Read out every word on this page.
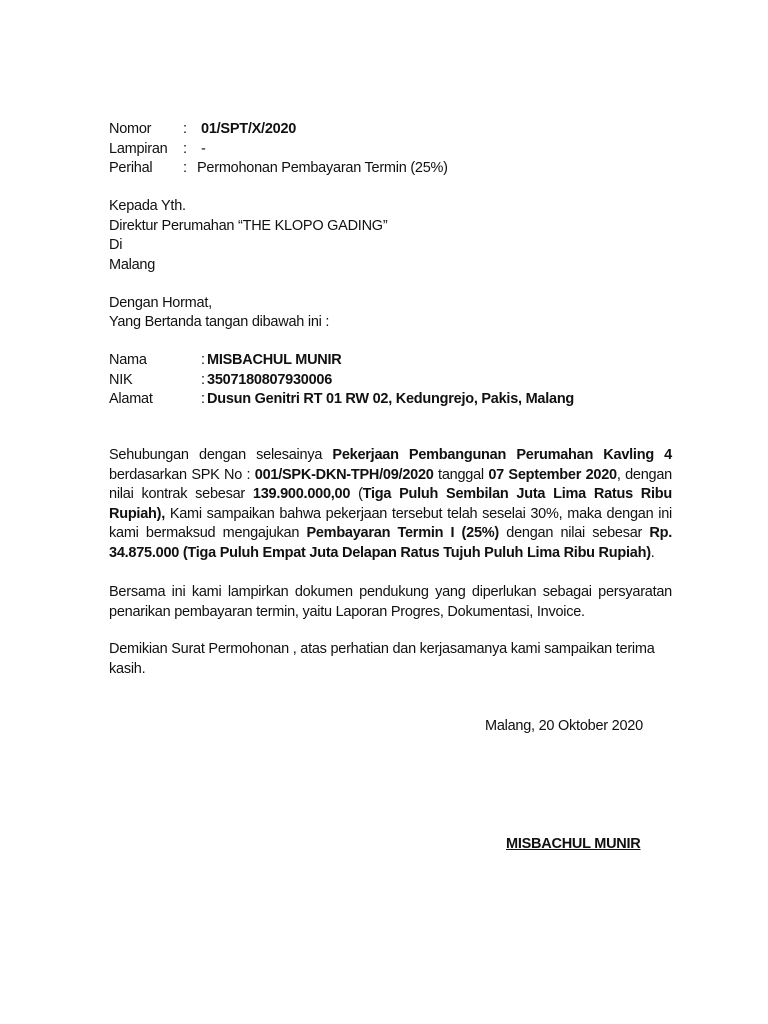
Nomor : 01/SPT/X/2020
Lampiran : -
Perihal : Permohonan Pembayaran Termin (25%)
Kepada Yth.
Direktur Perumahan “THE KLOPO GADING”
Di
Malang
Dengan Hormat,
Yang Bertanda tangan dibawah ini :
Nama	: MISBACHUL MUNIR
NIK	: 3507180807930006
Alamat	: Dusun Genitri RT 01 RW 02, Kedungrejo, Pakis, Malang
Sehubungan dengan selesainya Pekerjaan Pembangunan Perumahan Kavling 4 berdasarkan SPK No : 001/SPK-DKN-TPH/09/2020 tanggal 07 September 2020, dengan nilai kontrak sebesar 139.900.000,00 (Tiga Puluh Sembilan Juta Lima Ratus Ribu Rupiah), Kami sampaikan bahwa pekerjaan tersebut telah seselai 30%, maka dengan ini kami bermaksud mengajukan Pembayaran Termin I (25%) dengan nilai sebesar Rp. 34.875.000 (Tiga Puluh Empat Juta Delapan Ratus Tujuh Puluh Lima Ribu Rupiah).
Bersama ini kami lampirkan dokumen pendukung yang diperlukan sebagai persyaratan penarikan pembayaran termin, yaitu Laporan Progres, Dokumentasi, Invoice.
Demikian Surat Permohonan , atas perhatian dan kerjasamanya kami sampaikan terima kasih.
Malang, 20 Oktober 2020
MISBACHUL MUNIR
